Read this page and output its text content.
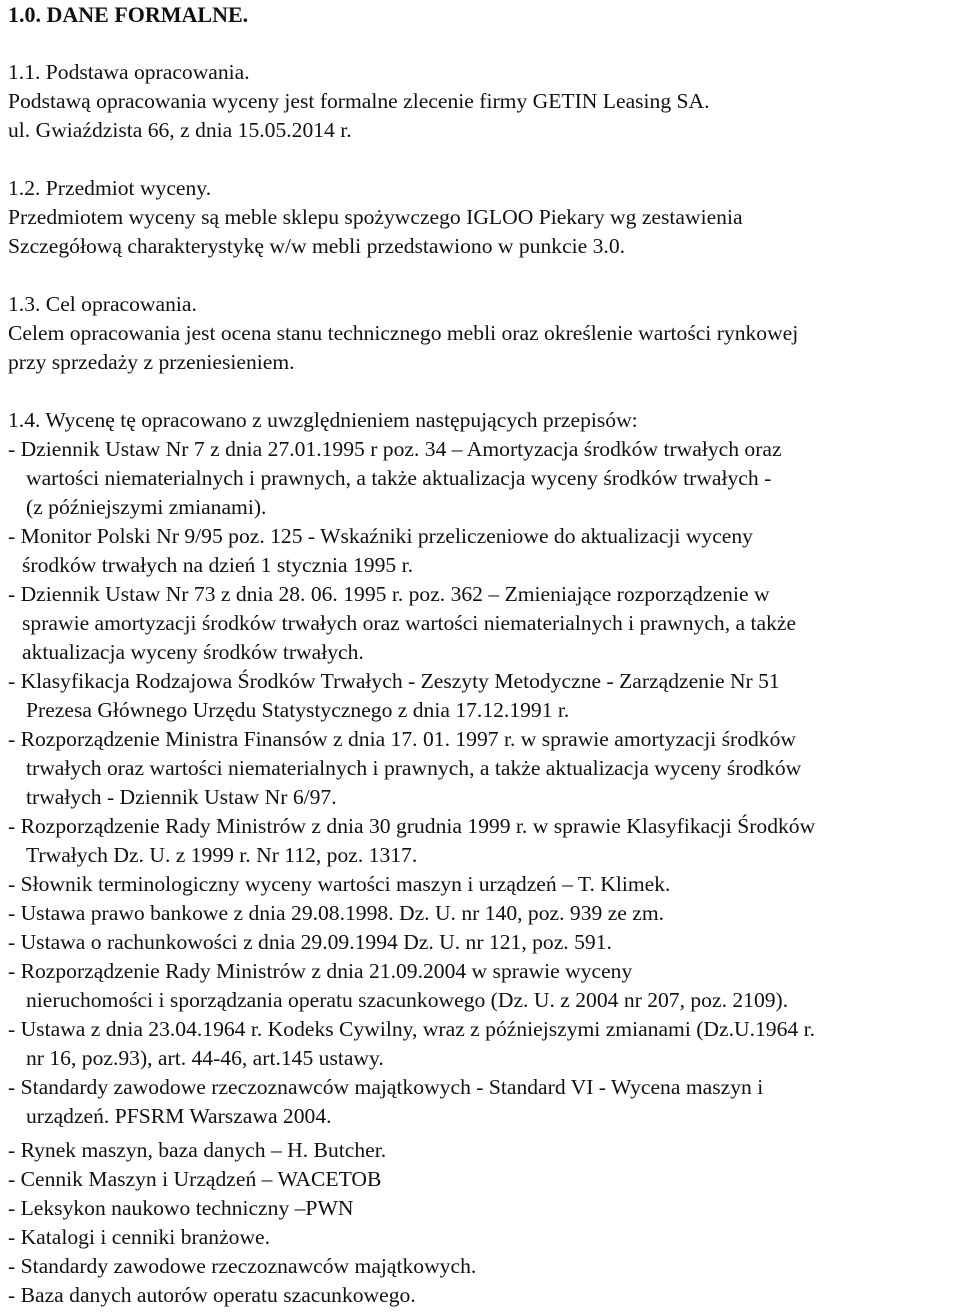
1.0. DANE FORMALNE.

1.1. Podstawa opracowania.

Podstawą opracowania wyceny jest formalne zlecenie firmy GETIN Leasing SA.

ul. Gwiaździsta 66, z dnia 15.05.2014 r.

1.2. Przedmiot wyceny.

Przedmiotem wyceny są meble sklepu spożywczego IGLOO Piekary wg zestawienia

Szczegółową charakterystykę w/w mebli przedstawiono w punkcie 3.0.

1.3. Cel opracowania.

Celem opracowania jest ocena stanu technicznego mebli oraz określenie wartości rynkowej

przy sprzedaży z przeniesieniem.

1.4. Wycenę tę opracowano z uwzględnieniem następujących przepisów:

- Dziennik Ustaw Nr 7 z dnia 27.01.1995 r poz. 34 – Amortyzacja środków trwałych oraz

wartości niematerialnych i prawnych, a także aktualizacja wyceny środków trwałych -

(z późniejszymi zmianami).

- Monitor Polski Nr 9/95 poz. 125 - Wskaźniki przeliczeniowe do aktualizacji wyceny

środków trwałych na dzień 1 stycznia 1995 r.

- Dziennik Ustaw Nr 73 z dnia 28. 06. 1995 r. poz. 362 – Zmieniające rozporządzenie w

sprawie amortyzacji środków trwałych oraz wartości niematerialnych i prawnych, a także

aktualizacja wyceny środków trwałych.

- Klasyfikacja Rodzajowa Środków Trwałych - Zeszyty Metodyczne - Zarządzenie Nr 51

Prezesa Głównego Urzędu Statystycznego z dnia 17.12.1991 r.

- Rozporządzenie Ministra Finansów z dnia 17. 01. 1997 r. w sprawie amortyzacji środków

trwałych oraz wartości niematerialnych i prawnych, a także aktualizacja wyceny środków

trwałych - Dziennik Ustaw Nr 6/97.

- Rozporządzenie Rady Ministrów z dnia 30 grudnia 1999 r. w sprawie Klasyfikacji Środków

Trwałych Dz. U. z 1999 r. Nr 112, poz. 1317.

- Słownik terminologiczny wyceny wartości maszyn i urządzeń – T. Klimek.

- Ustawa prawo bankowe z dnia 29.08.1998. Dz. U. nr 140, poz. 939 ze zm.

- Ustawa o rachunkowości z dnia 29.09.1994 Dz. U. nr 121, poz. 591.

- Rozporządzenie Rady Ministrów z dnia 21.09.2004 w sprawie wyceny

nieruchomości i sporządzania operatu szacunkowego (Dz. U. z 2004 nr 207, poz. 2109).

- Ustawa z dnia 23.04.1964 r. Kodeks Cywilny, wraz z późniejszymi zmianami (Dz.U.1964 r.

nr 16, poz.93), art. 44-46, art.145 ustawy.

- Standardy zawodowe rzeczoznawców majątkowych - Standard VI - Wycena maszyn i

urządzeń. PFSRM Warszawa 2004.

- Rynek maszyn, baza danych – H. Butcher.

- Cennik Maszyn i Urządzeń – WACETOB

- Leksykon naukowo techniczny –PWN

- Katalogi i cenniki branżowe.

- Standardy zawodowe rzeczoznawców majątkowych.

- Baza danych autorów operatu szacunkowego.
